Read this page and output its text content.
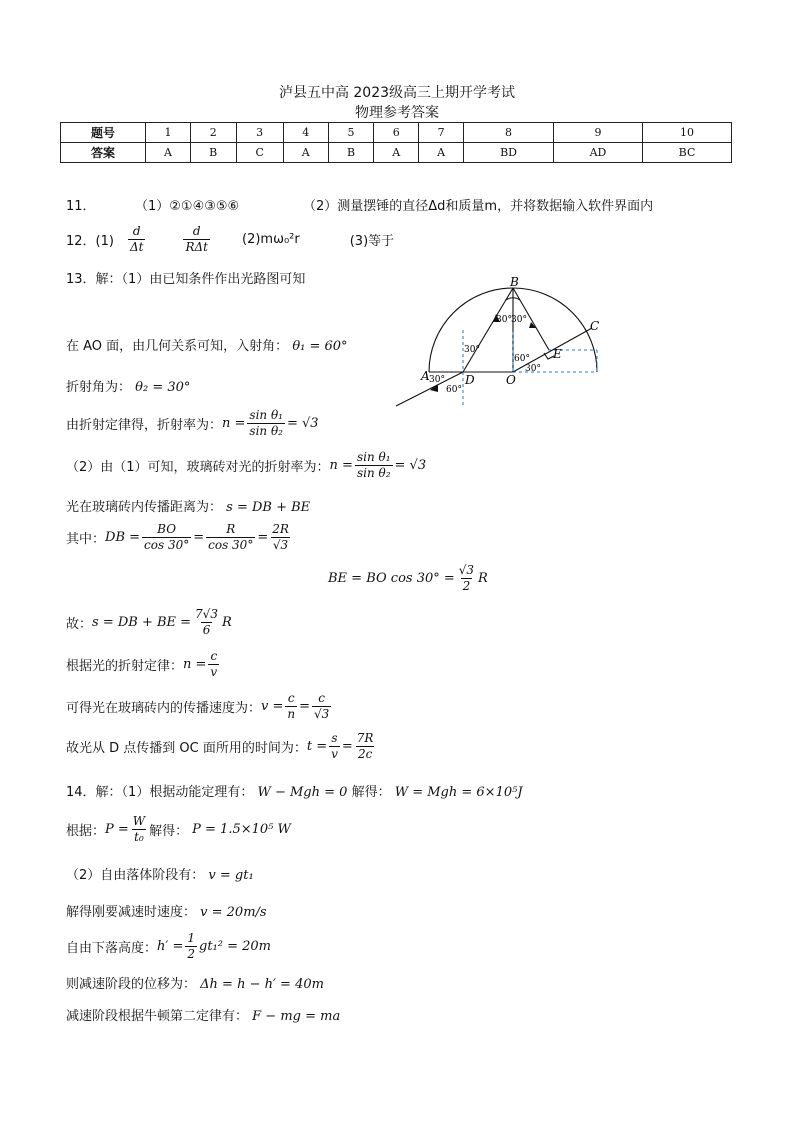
泸县五中高 2023级高三上期开学考试
物理参考答案
题号	1	2	3	4	5	6	7	8	9	10
答案	A	B	C	A	B	A	A	BD	AD	BC
11．	（1）②①④③⑤⑥	（2）测量摆锤的直径Δd和质量m，并将数据输入软件界面内
12．$(1) \frac{d}{\Delta t}$	$\frac{d}{\text{RΔt}} (2)m\omega_0^2r$	(3)等于
13．解：（1）由已知条件作出光路图可知
在 AO 面，由几何关系可知，入射角： θ₁ = 60°
折射角为： θ₂ = 30°
由折射定律得，折射率为： $n = \frac{\text{sin θ₁}}{\text{sin θ₂}} = √3$
（2）由（1）可知，玻璃砖对光的折射率为： $n = \frac{\text{sin θ₁}}{\text{sin θ₂}} = √3$
光在玻璃砖内传播距离为： s = DB + BE
其中： DB = $\frac{BO}{\cos 30^\circ} = \frac{R}{\cos 30^\circ} = \frac{2R}{√3}$
BE = BO $\cos 30^\circ = \frac{√3}{2}$ R
故： s = DB + BE = $\frac{7√3}{6}$ R
根据光的折射定律： $n = \frac{c}{v}$
可得光在玻璃砖内的传播速度为： $v = \frac{c}{n} = \frac{c}{√3}$
故光从 D 点传播到 OC 面所用的时间为： $t = \frac{s}{v} = \frac{7R}{2c}$
14．解：（1）根据动能定理有： W − Mgh = 0 解得： W = Mgh = 6×10⁵J
根据： $P = \frac{W}{\text{t₀}}$ 解得： P = 1.5×10⁵ W
（2）自由落体阶段有： v = gt₁
解得刚要减速时速度： v = 20m/s
自由下落高度： $h' = \frac{1}{2} gt_1^2 = 20m$
则减速阶段的位移为： Δh = h − h′ = 40m
减速阶段根据牛顿第二定律有： F − mg = ma
A
B
C
D
E
O
30°
60°
30°
30° 30°
60°
30°
